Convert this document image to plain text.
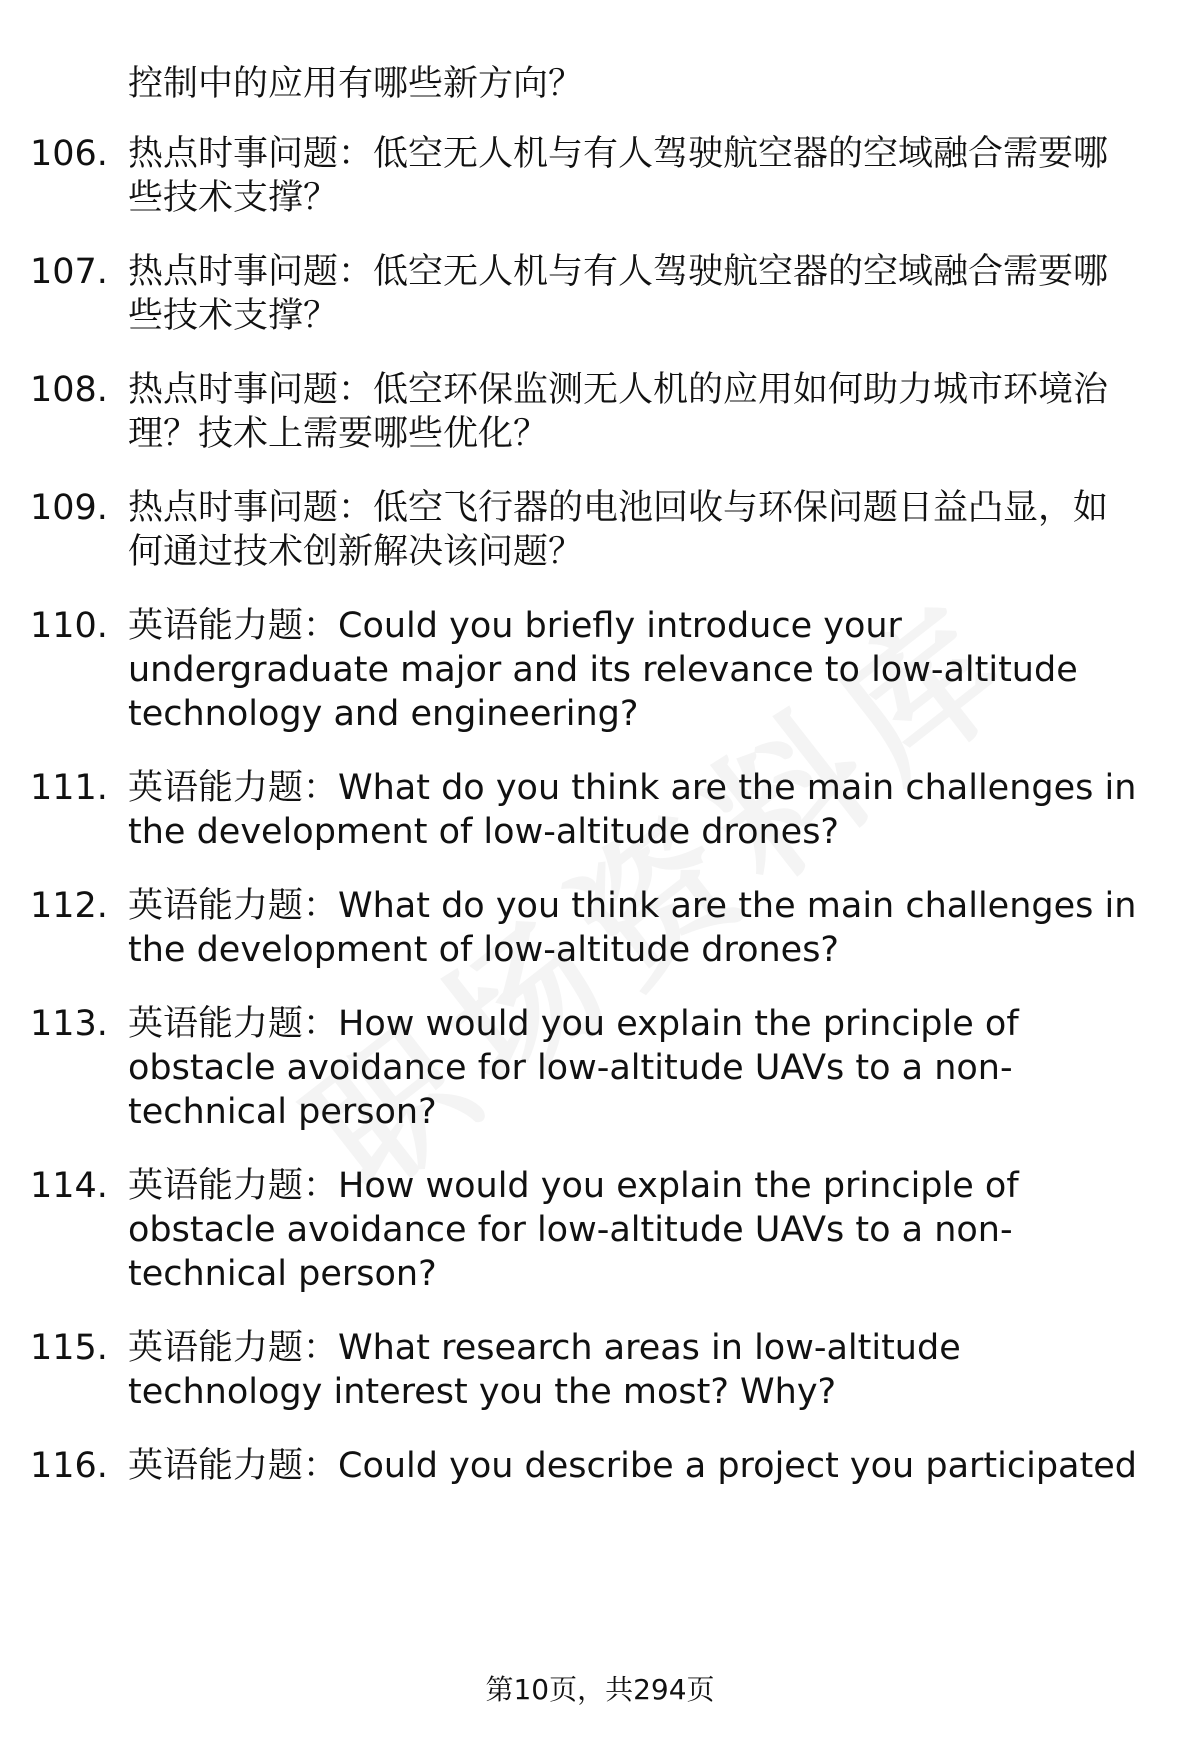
控制中的应用有哪些新方向？
106. 热点时事问题：低空无人机与有人驾驶航空器的空域融合需要哪
些技术支撑？
107. 热点时事问题：低空无人机与有人驾驶航空器的空域融合需要哪
些技术支撑？
108. 热点时事问题：低空环保监测无人机的应用如何助力城市环境治
理？技术上需要哪些优化？
109. 热点时事问题：低空飞行器的电池回收与环保问题日益凸显，如
何通过技术创新解决该问题？
110. 英语能力题：Could you briefly introduce your
undergraduate major and its relevance to low-altitude
technology and engineering?
111. 英语能力题：What do you think are the main challenges in
the development of low-altitude drones?
112. 英语能力题：What do you think are the main challenges in
the development of low-altitude drones?
113. 英语能力题：How would you explain the principle of
obstacle avoidance for low-altitude UAVs to a non-
technical person?
114. 英语能力题：How would you explain the principle of
obstacle avoidance for low-altitude UAVs to a non-
technical person?
115. 英语能力题：What research areas in low-altitude
technology interest you the most? Why?
116. 英语能力题：Could you describe a project you participated
第10页，共294页
